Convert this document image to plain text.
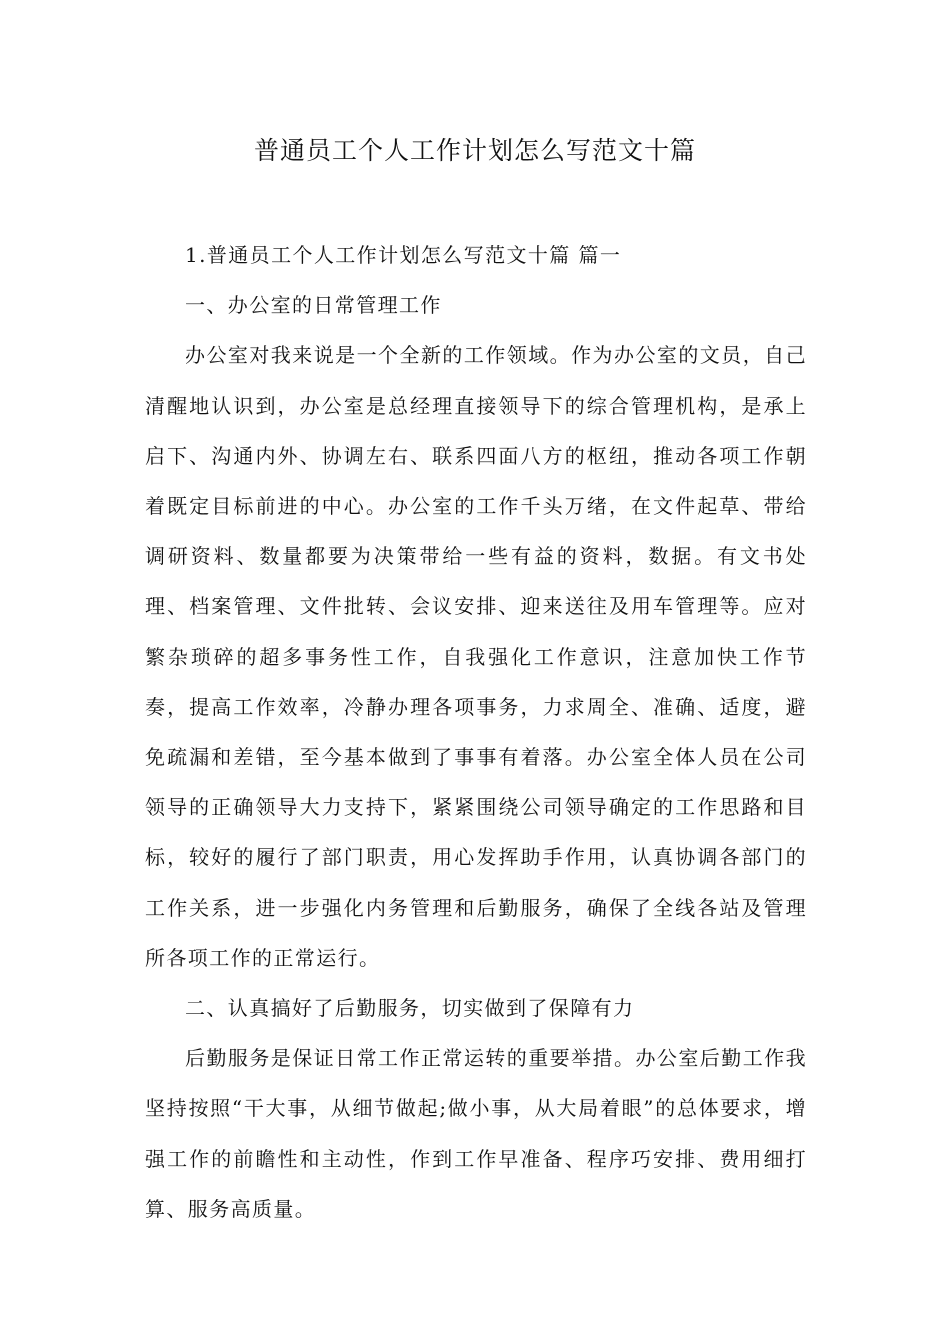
普通员工个人工作计划怎么写范文十篇

1.普通员工个人工作计划怎么写范文十篇 篇一

一、办公室的日常管理工作

办公室对我来说是一个全新的工作领域。作为办公室的文员，自己清醒地认识到，办公室是总经理直接领导下的综合管理机构，是承上启下、沟通内外、协调左右、联系四面八方的枢纽，推动各项工作朝着既定目标前进的中心。办公室的工作千头万绪，在文件起草、带给调研资料、数量都要为决策带给一些有益的资料，数据。有文书处理、档案管理、文件批转、会议安排、迎来送往及用车管理等。应对繁杂琐碎的超多事务性工作，自我强化工作意识，注意加快工作节奏，提高工作效率，冷静办理各项事务，力求周全、准确、适度，避免疏漏和差错，至今基本做到了事事有着落。办公室全体人员在公司领导的正确领导大力支持下，紧紧围绕公司领导确定的工作思路和目标，较好的履行了部门职责，用心发挥助手作用，认真协调各部门的工作关系，进一步强化内务管理和后勤服务，确保了全线各站及管理所各项工作的正常运行。

二、认真搞好了后勤服务，切实做到了保障有力

后勤服务是保证日常工作正常运转的重要举措。办公室后勤工作我坚持按照“干大事，从细节做起;做小事，从大局着眼”的总体要求，增强工作的前瞻性和主动性，作到工作早准备、程序巧安排、费用细打算、服务高质量。
